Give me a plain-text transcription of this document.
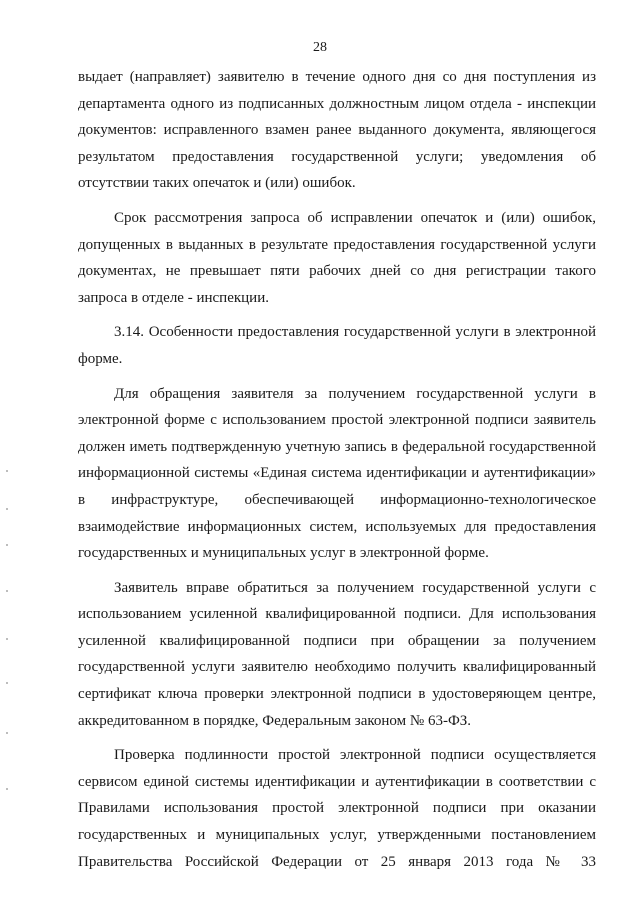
28

выдает (направляет) заявителю в течение одного дня со дня поступления из департамента одного из подписанных должностным лицом отдела - инспекции документов: исправленного взамен ранее выданного документа, являющегося результатом предоставления государственной услуги; уведомления об отсутствии таких опечаток и (или) ошибок.

Срок рассмотрения запроса об исправлении опечаток и (или) ошибок, допущенных в выданных в результате предоставления государственной услуги документах, не превышает пяти рабочих дней со дня регистрации такого запроса в отделе - инспекции.

3.14. Особенности предоставления государственной услуги в электронной форме.

Для обращения заявителя за получением государственной услуги в электронной форме с использованием простой электронной подписи заявитель должен иметь подтвержденную учетную запись в федеральной государственной информационной системы «Единая система идентификации и аутентификации» в инфраструктуре, обеспечивающей информационно-технологическое взаимодействие информационных систем, используемых для предоставления государственных и муниципальных услуг в электронной форме.

Заявитель вправе обратиться за получением государственной услуги с использованием усиленной квалифицированной подписи. Для использования усиленной квалифицированной подписи при обращении за получением государственной услуги заявителю необходимо получить квалифицированный сертификат ключа проверки электронной подписи в удостоверяющем центре, аккредитованном в порядке, Федеральным законом № 63-ФЗ.

Проверка подлинности простой электронной подписи осуществляется сервисом единой системы идентификации и аутентификации в соответствии с Правилами использования простой электронной подписи при оказании государственных и муниципальных услуг, утвержденными постановлением Правительства Российской Федерации от 25 января 2013 года № 33
